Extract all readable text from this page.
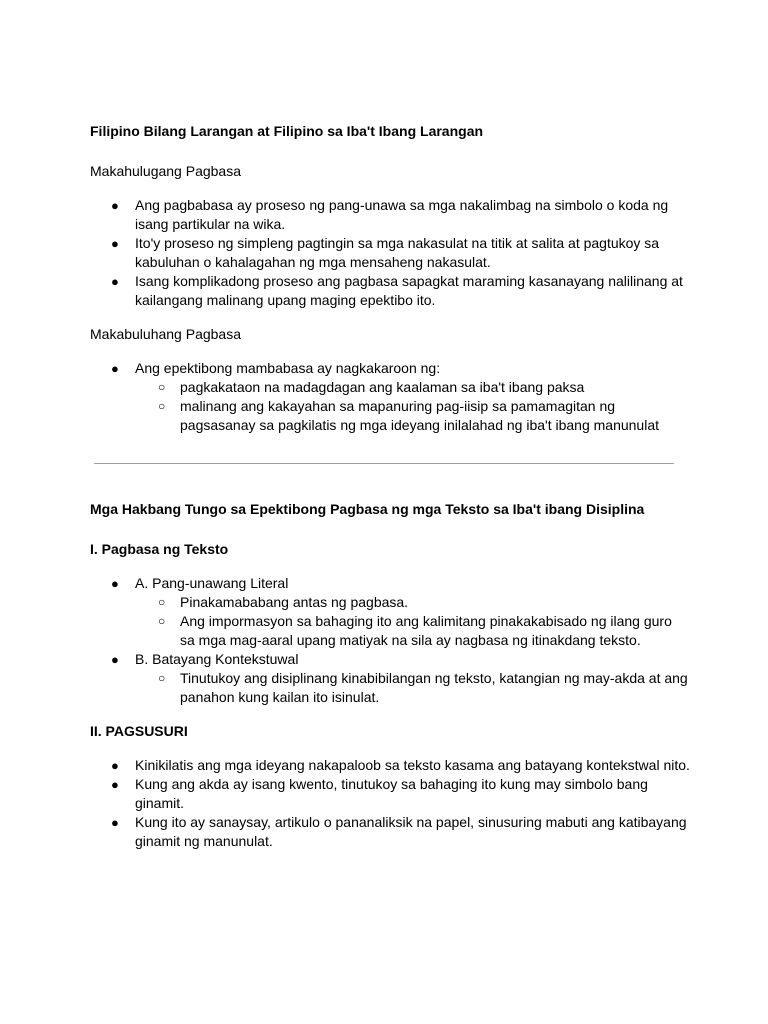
Filipino Bilang Larangan at Filipino sa Iba't Ibang Larangan
Makahulugang Pagbasa
● Ang pagbabasa ay proseso ng pang-unawa sa mga nakalimbag na simbolo o koda ng isang partikular na wika.
● Ito'y proseso ng simpleng pagtingin sa mga nakasulat na titik at salita at pagtukoy sa kabuluhan o kahalagahan ng mga mensaheng nakasulat.
● Isang komplikadong proseso ang pagbasa sapagkat maraming kasanayang nalilinang at kailangang malinang upang maging epektibo ito.
Makabuluhang Pagbasa
● Ang epektibong mambabasa ay nagkakaroon ng:
○ pagkakataon na madagdagan ang kaalaman sa iba't ibang paksa
○ malinang ang kakayahan sa mapanuring pag-iisip sa pamamagitan ng pagsasanay sa pagkilatis ng mga ideyang inilalahad ng iba't ibang manunulat
Mga Hakbang Tungo sa Epektibong Pagbasa ng mga Teksto sa Iba't ibang Disiplina
I. Pagbasa ng Teksto
● A. Pang-unawang Literal
○ Pinakamababang antas ng pagbasa.
○ Ang impormasyon sa bahaging ito ang kalimitang pinakakabisado ng ilang guro sa mga mag-aaral upang matiyak na sila ay nagbasa ng itinakdang teksto.
● B. Batayang Kontekstuwal
○ Tinutukoy ang disiplinang kinabibilangan ng teksto, katangian ng may-akda at ang panahon kung kailan ito isinulat.
II. PAGSUSURI
● Kinikilatis ang mga ideyang nakapaloob sa teksto kasama ang batayang kontekstwal nito.
● Kung ang akda ay isang kwento, tinutukoy sa bahaging ito kung may simbolo bang ginamit.
● Kung ito ay sanaysay, artikulo o pananaliksik na papel, sinusuring mabuti ang katibayang ginamit ng manunulat.
